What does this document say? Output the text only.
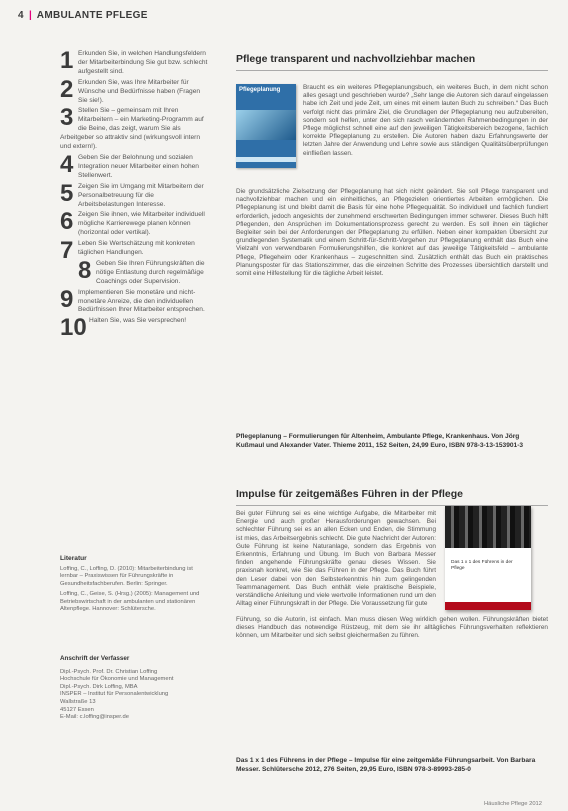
4 | AMBULANTE PFLEGE
1 Erkunden Sie, in welchen Handlungsfeldern der Mitarbeiterbindung Sie gut bzw. schlecht aufgestellt sind.
2 Erkunden Sie, was Ihre Mitarbeiter für Wünsche und Bedürfnisse haben (Fragen Sie sie!).
3 Stellen Sie – gemeinsam mit Ihren Mitarbeitern – ein Marketing-Programm auf die Beine, das zeigt, warum Sie als Arbeitgeber so attraktiv sind (wirkungsvoll intern und extern!).
4 Geben Sie der Belohnung und sozialen Integration neuer Mitarbeiter einen hohen Stellenwert.
5 Zeigen Sie im Umgang mit Mitarbeitern der Personalbetreuung für die Arbeitsbelastungen Interesse.
6 Zeigen Sie ihnen, wie Mitarbeiter individuell mögliche Karrierewege planen können (horizontal oder vertikal).
7 Leben Sie Wertschätzung mit konkreten täglichen Handlungen.
8 Geben Sie Ihren Führungskräften die nötige Entlastung durch regelmäßige Coachings oder Supervision.
9 Implementieren Sie monetäre und nicht-monetäre Anreize, die den individuellen Bedürfnissen Ihrer Mitarbeiter entsprechen.
10 Halten Sie, was Sie versprechen!
Literatur

Loffing, C., Loffing, D. (2010): Mitarbeiterbindung ist lernbar – Praxiswissen für Führungskräfte in Gesundheitsfachberufen. Berlin: Springer.

Loffing, C., Geise, S. (Hrsg.) (2005): Management und Betriebswirtschaft in der ambulanten und stationären Altenpflege. Hannover: Schlütersche.

Anschrift der Verfasser
Dipl.-Psych. Prof. Dr. Christian Loffing
Hochschule für Ökonomie und Management
Dipl.-Psych. Dirk Loffing, MBA
INSPER – Institut für Personalentwicklung
Wallstraße 13
45127 Essen
E-Mail: c.loffing@insper.de
Pflege transparent und nachvollziehbar machen
Pflegeplanung	Braucht es ein weiteres Pflegeplanungsbuch, ein weiteres Buch, in dem nicht schon alles gesagt und geschrieben wurde? „Sehr lange die Autoren sich darauf eingelassen habe ich Zeit und jede Zeit, um eines mit einem lauten Buch zu schreiben.“ Das Buch verfolgt nicht das primäre Ziel, die Grundlagen der Pflegeplanung neu aufzubereiten, sondern soll helfen, unter den sich rasch verändernden Rahmenbedingungen in der Pflege möglichst schnell eine auf den jeweiligen Tätigkeitsbereich bezogene, fachlich korrekte Pflegeplanung zu erstellen. Die Autoren haben dazu Erfahrungswerte der letzten Jahre der Anwendung und Lehre sowie aus ständigen Qualitätsüberprüfungen einfließen lassen.
Die grundsätzliche Zielsetzung der Pflegeplanung hat sich nicht geändert. Sie soll Pflege transparent und nachvollziehbar machen und ein einheitliches, an Pflegezielen orientiertes Arbeiten ermöglichen. Die Pflegeplanung ist und bleibt damit die Basis für eine hohe Pflegequalität. So individuell und fachlich fundiert erforderlich, jedoch angesichts der zunehmend erschwerten Bedingungen immer schwerer. Dieses Buch hilft Pflegenden, den Ansprüchen im Dokumentationsprozess gerecht zu werden. Es soll ihnen ein täglicher Begleiter sein bei der Anforderungen der Pflegeplanung zu erfüllen. Neben einer kompakten Übersicht zur grundlegenden Systematik und einem Schritt-für-Schritt-Vorgehen zur Pflegeplanung enthält das Buch eine Vielzahl von verwendbaren Formulierungshilfen, die konkret auf das jeweilige Tätigkeitsfeld – ambulante Pflege, Pflegeheim oder Krankenhaus – zugeschnitten sind. Zusätzlich enthält das Buch ein praktisches Planungsposter für das Stationszimmer, das die einzelnen Schritte des Prozesses übersichtlich darstellt und somit eine Hilfestellung für die tägliche Arbeit leistet.
Pflegeplanung – Formulierungen für Altenheim, Ambulante Pflege, Krankenhaus. Von Jörg Kußmaul und Alexander Vater. Thieme 2011, 152 Seiten, 24,99 Euro, ISBN 978-3-13-153901-3
Impulse für zeitgemäßes Führen in der Pflege
Bei guter Führung sei es eine wichtige Aufgabe, die Mitarbeiter mit Energie und auch großer Herausforderungen gewachsen. Bei schlechter Führung sei es an allen Ecken und Enden, die Stimmung ist mies, das Arbeitsergebnis schlecht. Die gute Nachricht der Autoren: Gute Führung ist keine Naturanlage, sondern das Ergebnis von Erkenntnis, Erfahrung und Übung. Im Buch von Barbara Messer finden angehende Führungskräfte genau dieses Wissen. Sie praxisnah konkret, wie Sie das Führen in der Pflege. Das Buch führt den Leser dabei von den Selbsterkenntnis hin zum gelingenden Teammanagement. Das Buch enthält viele praktische Beispiele, verständliche Anleitung und viele wertvolle Informationen rund um den Alltag einer Führungskraft in der Pflege. Die Voraussetzung für gute
Führung, so die Autorin, ist einfach. Man muss diesen Weg wirklich gehen wollen. Führungskräften bietet dieses Handbuch das notwendige Rüstzeug, mit dem sie ihr alltägliches Führungsverhalten reflektieren können, um Mitarbeiter und sich selbst gleichermaßen zu führen.
Das 1 x 1 des Führens in der Pflege
Das 1 x 1 des Führens in der Pflege – Impulse für eine zeitgemäße Führungsarbeit. Von Barbara Messer. Schlütersche 2012, 276 Seiten, 29,95 Euro, ISBN 978-3-89993-285-0
Häusliche Pflege 2012
